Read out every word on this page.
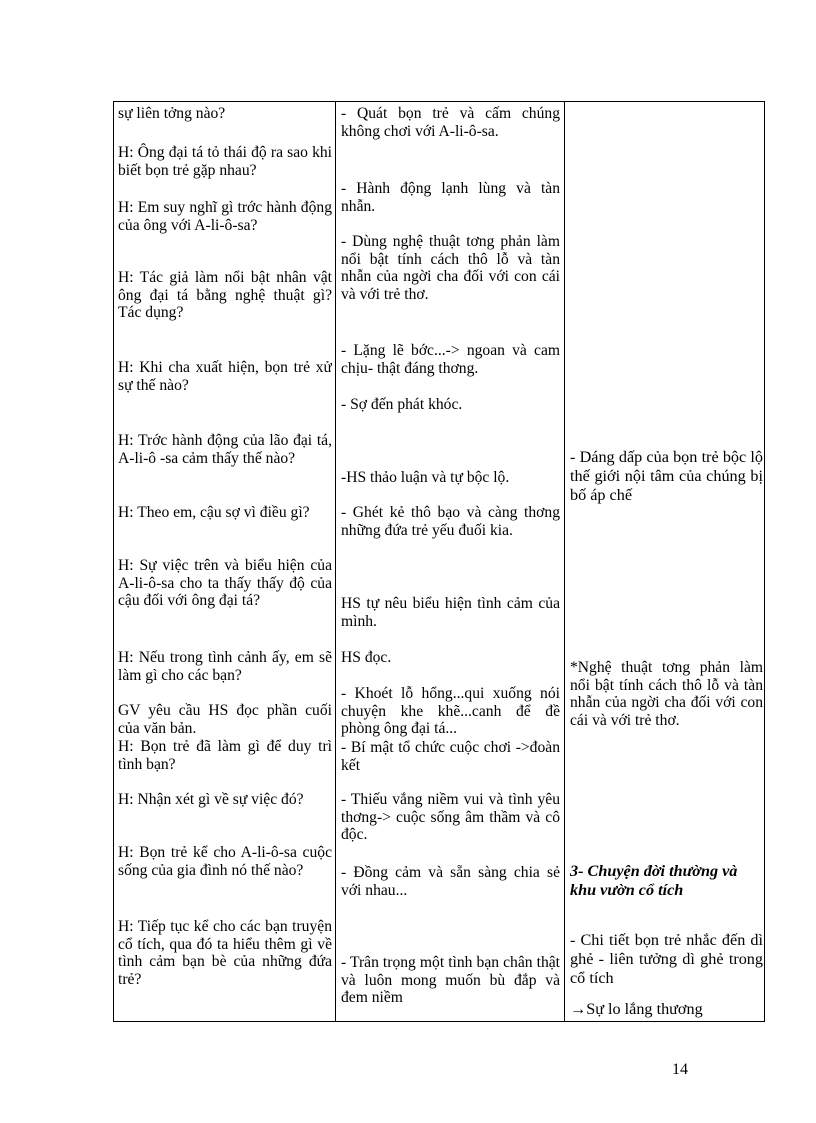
sự liên tởng nào?

H: Ông đại tá tỏ thái độ ra sao khi biết bọn trẻ gặp nhau?

H: Em suy nghĩ gì trớc hành động của ông với A-li-ô-sa?

H: Tác giả làm nổi bật nhân vật ông đại tá bằng nghệ thuật gì? Tác dụng?

H: Khi cha xuất hiện, bọn trẻ xử sự thế nào?

H: Trớc hành động của lão đại tá, A-li-ô -sa cảm thấy thế nào?

H: Theo em, cậu sợ vì điều gì?

H: Sự việc trên và biểu hiện của A-li-ô-sa cho ta thấy thấy độ của cậu đối với ông đại tá?

H: Nếu trong tình cảnh ấy, em sẽ làm gì cho các bạn?

GV yêu cầu HS đọc phần cuối của văn bản.

H: Bọn trẻ đã làm gì để duy trì tình bạn?

H: Nhận xét gì về sự việc đó?

H: Bọn trẻ kể cho A-li-ô-sa cuộc sống của gia đình nó thế nào?

H: Tiếp tục kể cho các bạn truyện cổ tích, qua đó ta hiểu thêm gì về tình cảm bạn bè của những đứa trẻ?

- Quát bọn trẻ và cấm chúng không chơi với A-li-ô-sa.

- Hành động lạnh lùng và tàn nhẫn.

- Dùng nghệ thuật tơng phản làm nổi bật tính cách thô lỗ và tàn nhẫn của ngời cha đối với con cái và với trẻ thơ.

- Lặng lẽ bớc...-> ngoan và cam chịu- thật đáng thơng.

- Sợ đến phát khóc.

-HS thảo luận và tự bộc lộ.

- Ghét kẻ thô bạo và càng thơng những đứa trẻ yếu đuối kia.

HS tự nêu biểu hiện tình cảm của mình.

HS đọc.

- Khoét lỗ hổng...qui xuống nói chuyện khe khẽ...canh để đề phòng ông đại tá...

- Bí mật tổ chức cuộc chơi ->đoàn kết

- Thiếu vắng niềm vui và tình yêu thơng-> cuộc sống âm thầm và cô độc.

- Đồng cảm và sẵn sàng chia sẻ với nhau...

- Trân trọng một tình bạn chân thật và luôn mong muốn bù đắp và đem niềm

- Dáng dấp của bọn trẻ bộc lộ thế giới nội tâm của chúng bị bố áp chế

*Nghệ thuật tơng phản làm nổi bật tính cách thô lỗ và tàn nhẫn của ngời cha đối với con cái và với trẻ thơ.

3- Chuyện đời thường và khu vườn cổ tích

- Chi tiết bọn trẻ nhắc đến dì ghẻ - liên tưởng dì ghẻ trong cổ tích

→Sự lo lắng thương

14
